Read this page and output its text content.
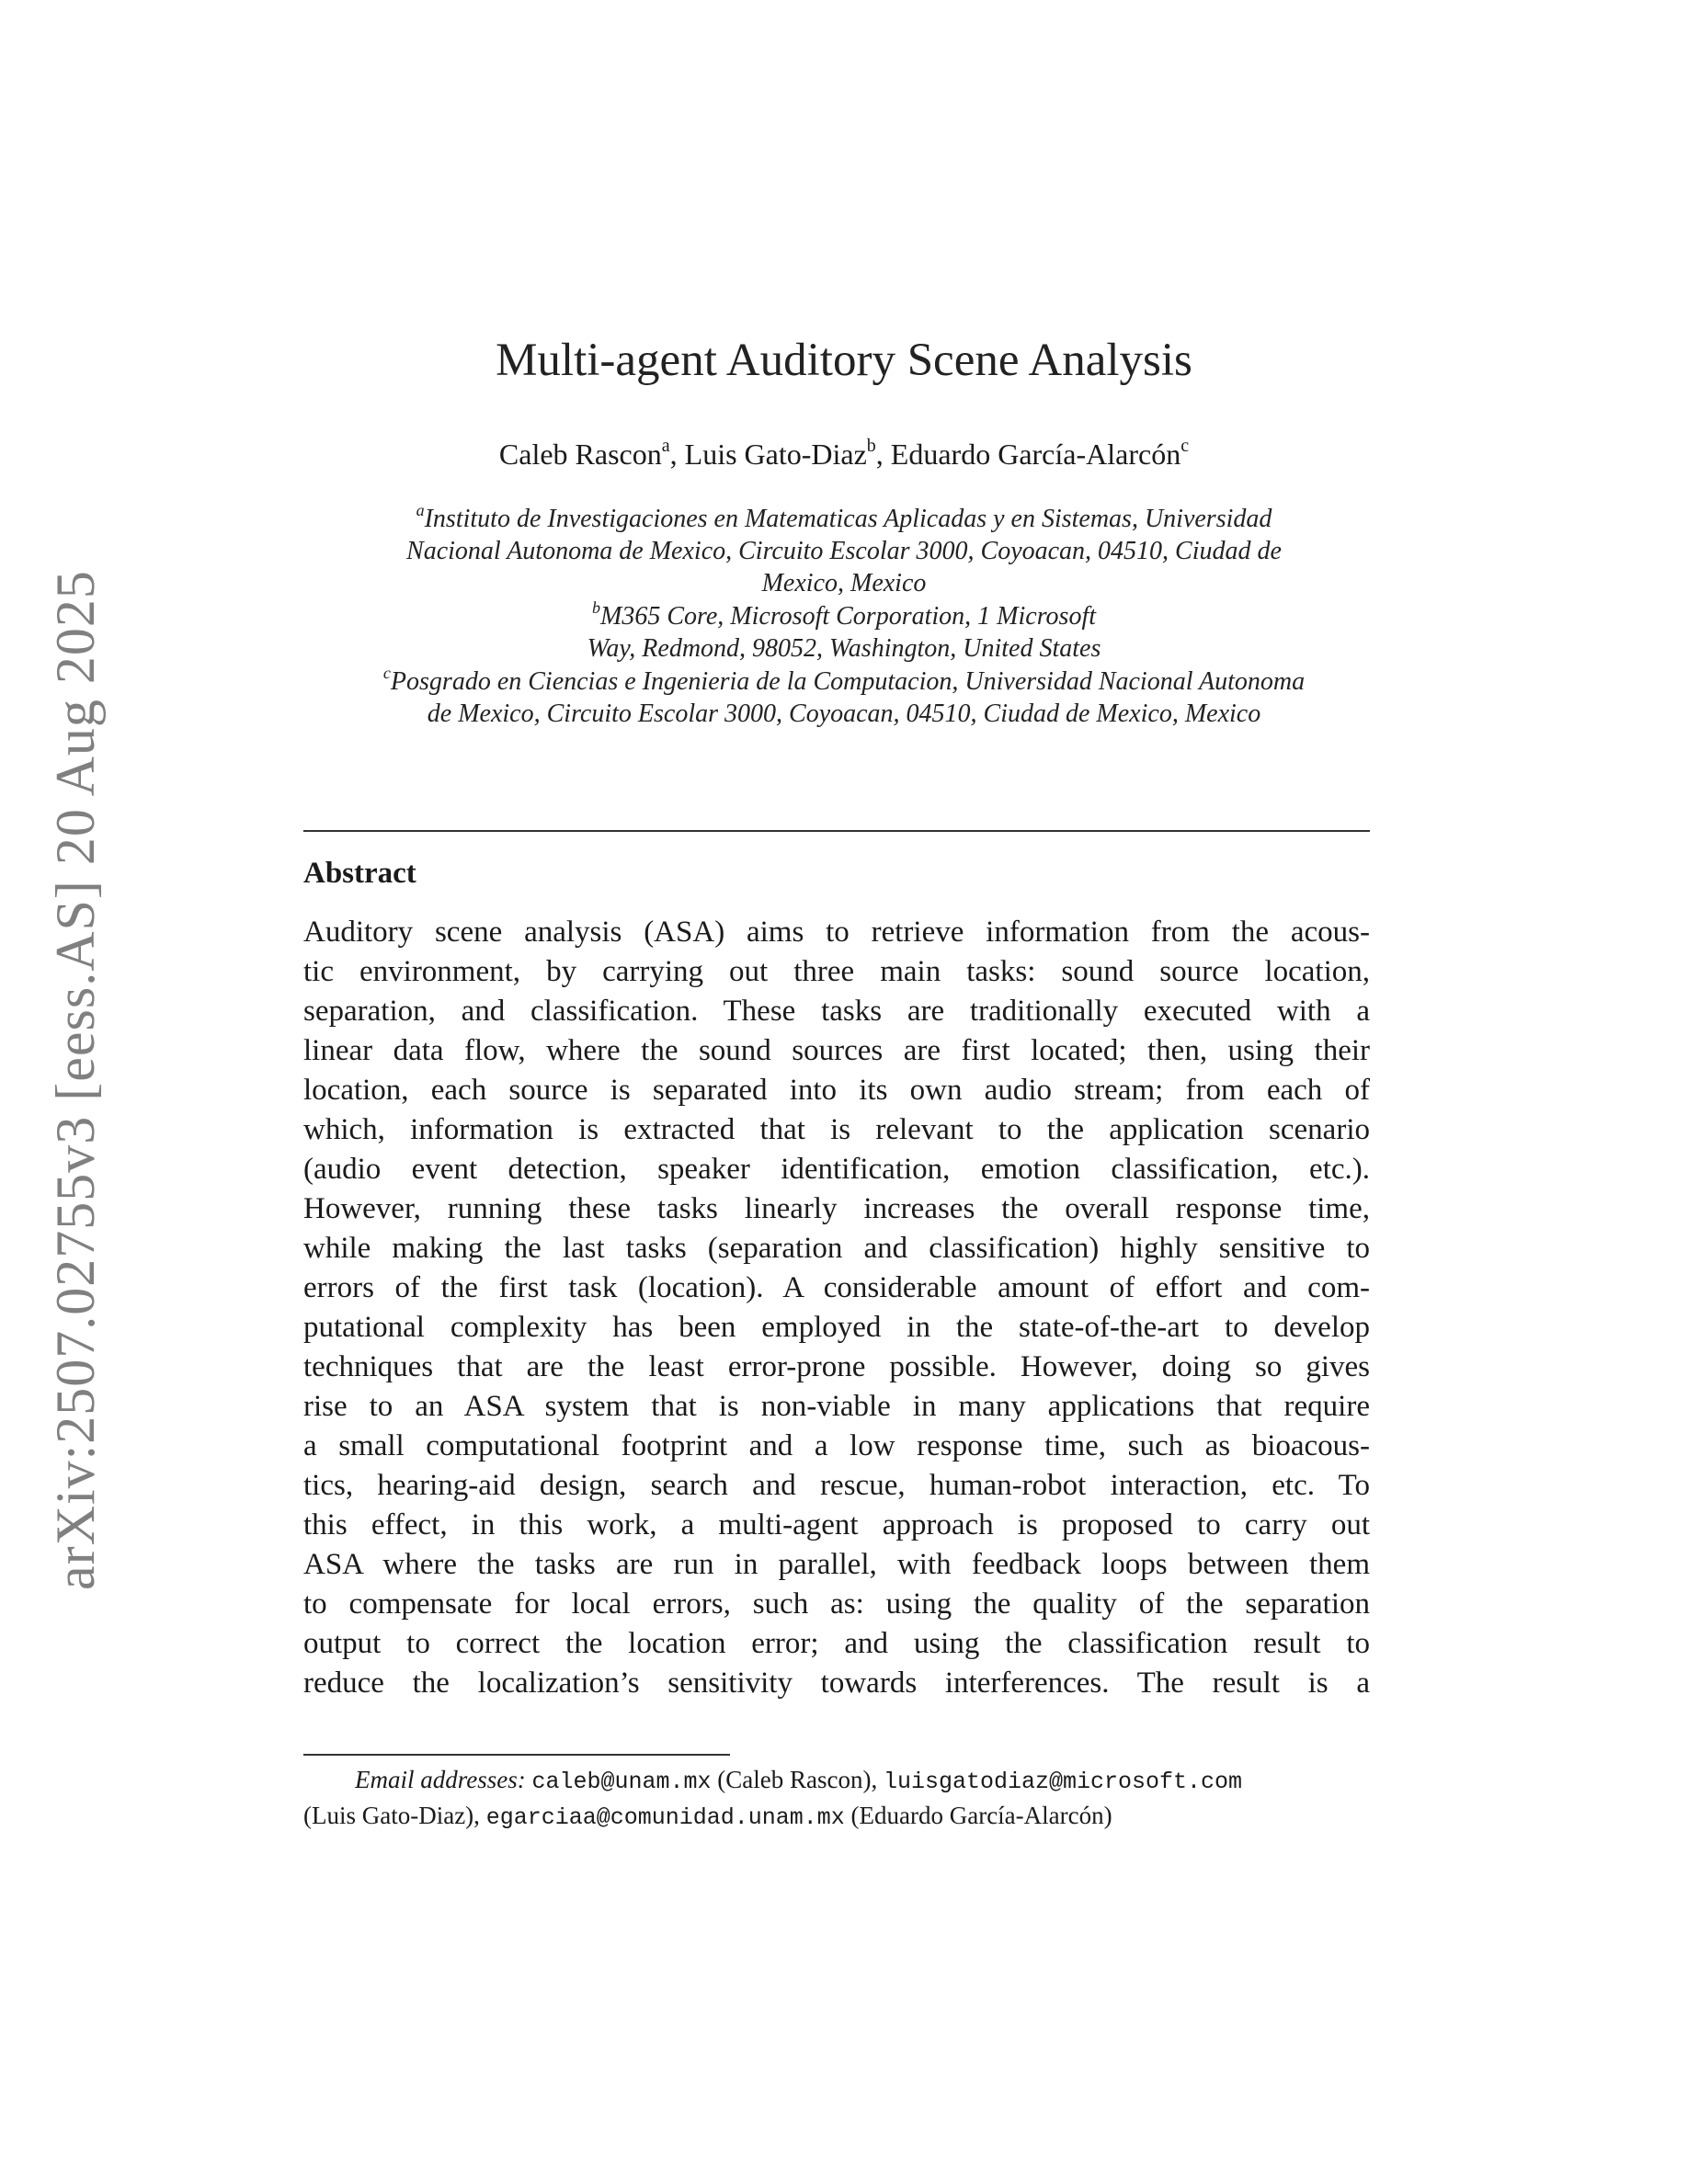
arXiv:2507.02755v3 [eess.AS] 20 Aug 2025
Multi-agent Auditory Scene Analysis
Caleb Rascon$^a$, Luis Gato-Diaz$^b$, Eduardo García-Alarcón$^c$
$^a$Instituto de Investigaciones en Matematicas Aplicadas y en Sistemas, Universidad
Nacional Autonoma de Mexico, Circuito Escolar 3000, Coyoacan, 04510, Ciudad de
Mexico, Mexico
$^b$M365 Core, Microsoft Corporation, 1 Microsoft
Way, Redmond, 98052, Washington, United States
$^c$Posgrado en Ciencias e Ingenieria de la Computacion, Universidad Nacional Autonoma
de Mexico, Circuito Escolar 3000, Coyoacan, 04510, Ciudad de Mexico, Mexico
Abstract
Auditory scene analysis (ASA) aims to retrieve information from the acous-
tic environment, by carrying out three main tasks: sound source location,
separation, and classification. These tasks are traditionally executed with a
linear data flow, where the sound sources are first located; then, using their
location, each source is separated into its own audio stream; from each of
which, information is extracted that is relevant to the application scenario
(audio event detection, speaker identification, emotion classification, etc.).
However, running these tasks linearly increases the overall response time,
while making the last tasks (separation and classification) highly sensitive to
errors of the first task (location). A considerable amount of effort and com-
putational complexity has been employed in the state-of-the-art to develop
techniques that are the least error-prone possible. However, doing so gives
rise to an ASA system that is non-viable in many applications that require
a small computational footprint and a low response time, such as bioacous-
tics, hearing-aid design, search and rescue, human-robot interaction, etc. To
this effect, in this work, a multi-agent approach is proposed to carry out
ASA where the tasks are run in parallel, with feedback loops between them
to compensate for local errors, such as: using the quality of the separation
output to correct the location error; and using the classification result to
reduce the localization’s sensitivity towards interferences. The result is a
Email addresses: caleb@unam.mx (Caleb Rascon), luisgatodiaz@microsoft.com
(Luis Gato-Diaz), egarciaa@comunidad.unam.mx (Eduardo García-Alarcón)
